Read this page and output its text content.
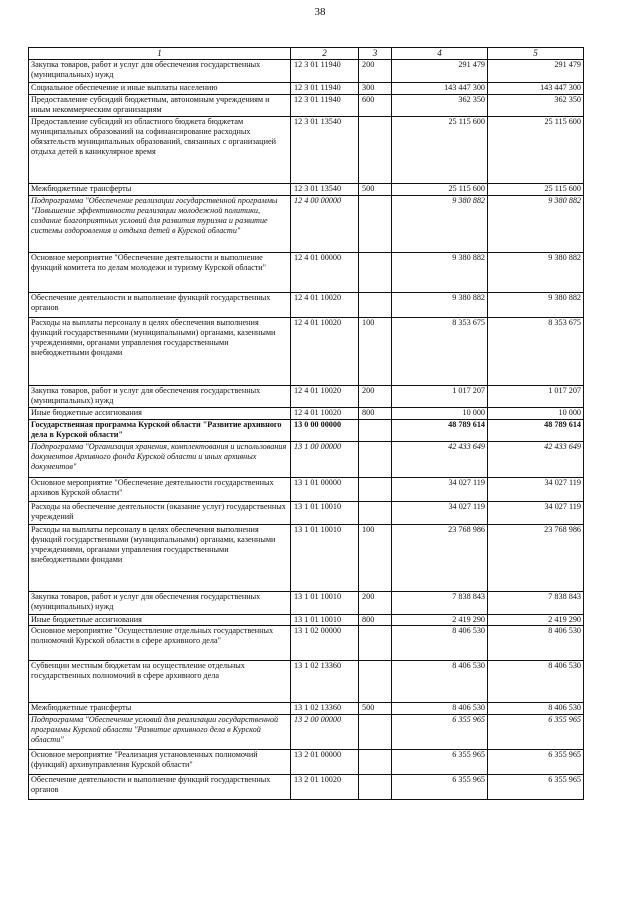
38
1	2	3	4	5
Закупка товаров, работ и услуг для обеспечения государственных (муниципальных) нужд	12 3 01 11940	200	291 479	291 479
Социальное обеспечение и иные выплаты населению	12 3 01 11940	300	143 447 300	143 447 300
Предоставление субсидий бюджетным, автономным учреждениям и иным некоммерческим организациям	12 3 01 11940	600	362 350	362 350
Предоставление субсидий из областного бюджета бюджетам муниципальных образований на софинансирование расходных обязательств муниципальных образований, связанных с организацией отдыха детей в каникулярное время	12 3 01 13540		25 115 600	25 115 600
Межбюджетные трансферты	12 3 01 13540	500	25 115 600	25 115 600
Подпрограмма "Обеспечение реализации государственной программы "Повышение эффективности реализации молодежной политики, создание благоприятных условий для развития туризма и развитие системы оздоровления и отдыха детей в Курской области"	12 4 00 00000		9 380 882	9 380 882
Основное мероприятие "Обеспечение деятельности и выполнение функций комитета по делам молодежи и туризму Курской области"	12 4 01 00000		9 380 882	9 380 882
Обеспечение деятельности и выполнение функций государственных органов	12 4 01 10020		9 380 882	9 380 882
Расходы на выплаты персоналу в целях обеспечения выполнения функций государственными (муниципальными) органами, казенными учреждениями, органами управления государственными внебюджетными фондами	12 4 01 10020	100	8 353 675	8 353 675
Закупка товаров, работ и услуг для обеспечения государственных (муниципальных) нужд	12 4 01 10020	200	1 017 207	1 017 207
Иные бюджетные ассигнования	12 4 01 10020	800	10 000	10 000
Государственная программа Курской области "Развитие архивного дела в Курской области"	13 0 00 00000		48 789 614	48 789 614
Подпрограмма "Организация хранения, комплектования и использования документов Архивного фонда Курской области и иных архивных документов"	13 1 00 00000		42 433 649	42 433 649
Основное мероприятие "Обеспечение деятельности государственных архивов Курской области"	13 1 01 00000		34 027 119	34 027 119
Расходы на обеспечение деятельности (оказание услуг) государственных учреждений	13 1 01 10010		34 027 119	34 027 119
Расходы на выплаты персоналу в целях обеспечения выполнения функций государственными (муниципальными) органами, казенными учреждениями, органами управления государственными внебюджетными фондами	13 1 01 10010	100	23 768 986	23 768 986
Закупка товаров, работ и услуг для обеспечения государственных (муниципальных) нужд	13 1 01 10010	200	7 838 843	7 838 843
Иные бюджетные ассигнования	13 1 01 10010	800	2 419 290	2 419 290
Основное мероприятие "Осуществление отдельных государственных полномочий Курской области в сфере архивного дела"	13 1 02 00000		8 406 530	8 406 530
Субвенции местным бюджетам на осуществление отдельных государственных полномочий в сфере архивного дела	13 1 02 13360		8 406 530	8 406 530
Межбюджетные трансферты	13 1 02 13360	500	8 406 530	8 406 530
Подпрограмма "Обеспечение условий для реализации государственной программы Курской области "Развитие архивного дела в Курской области"	13 2 00 00000		6 355 965	6 355 965
Основное мероприятие "Реализация установленных полномочий (функций) архивуправления Курской области"	13 2 01 00000		6 355 965	6 355 965
Обеспечение деятельности и выполнение функций государственных органов	13 2 01 10020		6 355 965	6 355 965
